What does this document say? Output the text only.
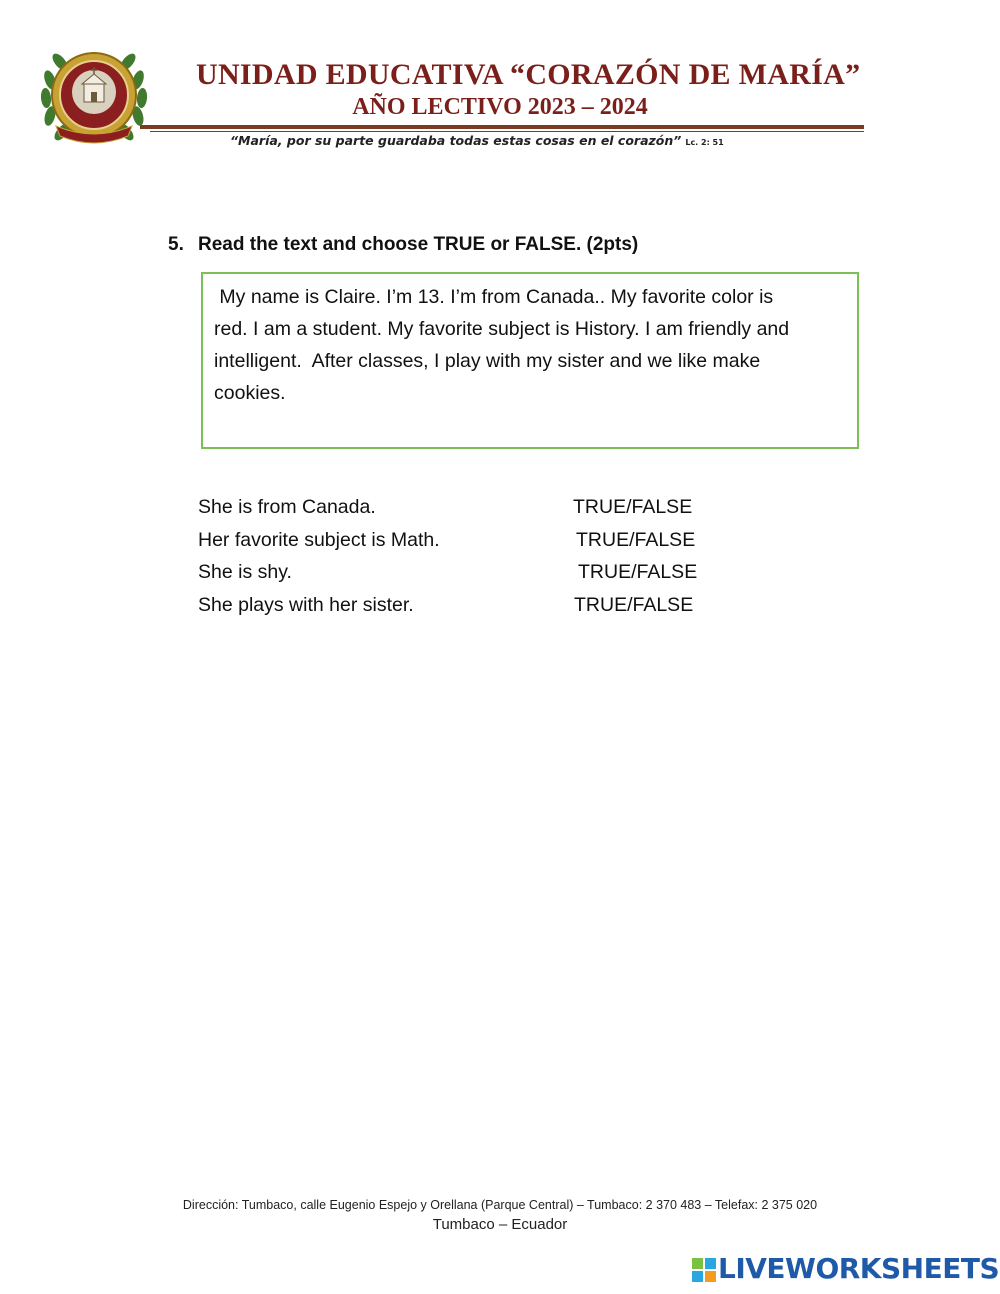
UNIDAD EDUCATIVA “CORAZÓN DE MARÍA”
AÑO LECTIVO 2023 – 2024
“María, por su parte guardaba todas estas cosas en el corazón” Lc. 2: 51
5. Read the text and choose TRUE or FALSE. (2pts)
My name is Claire. I’m 13. I’m from Canada.. My favorite color is
red. I am a student. My favorite subject is History. I am friendly and
intelligent.  After classes, I play with my sister and we like make
cookies.
She is from Canada.	TRUE/FALSE
Her favorite subject is Math.	TRUE/FALSE
She is shy.	TRUE/FALSE
She plays with her sister.	TRUE/FALSE
Dirección: Tumbaco, calle Eugenio Espejo y Orellana (Parque Central) – Tumbaco: 2 370 483 – Telefax: 2 375 020
Tumbaco – Ecuador
LIVEWORKSHEETS
